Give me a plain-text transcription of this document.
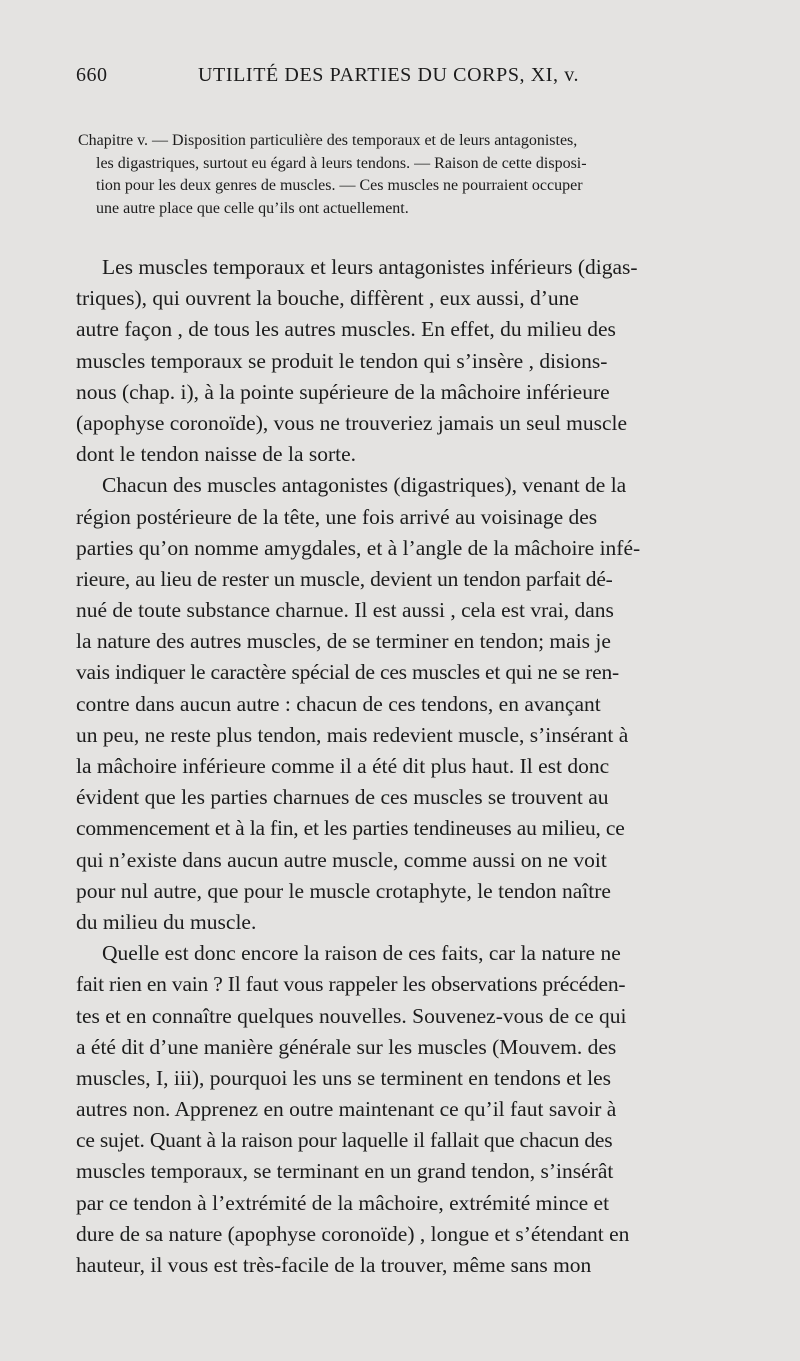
660	UTILITÉ DES PARTIES DU CORPS, XI, v.
Chapitre v. — Disposition particulière des temporaux et de leurs antagonistes,
les digastriques, surtout eu égard à leurs tendons. — Raison de cette disposi-
tion pour les deux genres de muscles. — Ces muscles ne pourraient occuper
une autre place que celle qu’ils ont actuellement.
Les muscles temporaux et leurs antagonistes inférieurs (digas-
triques), qui ouvrent la bouche, diffèrent , eux aussi, d’une
autre façon , de tous les autres muscles. En effet, du milieu des
muscles temporaux se produit le tendon qui s’insère , disions-
nous (chap. i), à la pointe supérieure de la mâchoire inférieure
(apophyse coronoïde), vous ne trouveriez jamais un seul muscle
dont le tendon naisse de la sorte.
Chacun des muscles antagonistes (digastriques), venant de la
région postérieure de la tête, une fois arrivé au voisinage des
parties qu’on nomme amygdales, et à l’angle de la mâchoire infé-
rieure, au lieu de rester un muscle, devient un tendon parfait dé-
nué de toute substance charnue. Il est aussi , cela est vrai, dans
la nature des autres muscles, de se terminer en tendon; mais je
vais indiquer le caractère spécial de ces muscles et qui ne se ren-
contre dans aucun autre : chacun de ces tendons, en avançant
un peu, ne reste plus tendon, mais redevient muscle, s’insérant à
la mâchoire inférieure comme il a été dit plus haut. Il est donc
évident que les parties charnues de ces muscles se trouvent au
commencement et à la fin, et les parties tendineuses au milieu, ce
qui n’existe dans aucun autre muscle, comme aussi on ne voit
pour nul autre, que pour le muscle crotaphyte, le tendon naître
du milieu du muscle.
Quelle est donc encore la raison de ces faits, car la nature ne
fait rien en vain ? Il faut vous rappeler les observations précéden-
tes et en connaître quelques nouvelles. Souvenez-vous de ce qui
a été dit d’une manière générale sur les muscles (Mouvem. des
muscles, I, iii), pourquoi les uns se terminent en tendons et les
autres non. Apprenez en outre maintenant ce qu’il faut savoir à
ce sujet. Quant à la raison pour laquelle il fallait que chacun des
muscles temporaux, se terminant en un grand tendon, s’insérât
par ce tendon à l’extrémité de la mâchoire, extrémité mince et
dure de sa nature (apophyse coronoïde) , longue et s’étendant en
hauteur, il vous est très-facile de la trouver, même sans mon
